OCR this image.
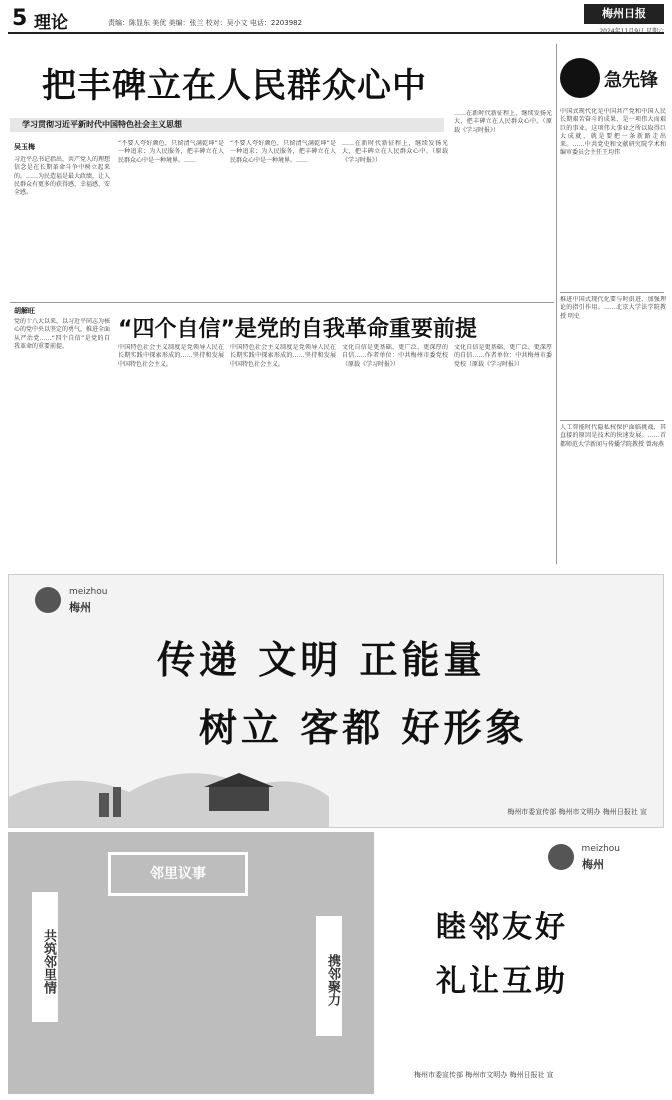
5 理论	责编：陈显东 美优 美编：张兰 校对：吴小文 电话：2203982
梅州日报
2024年11月9日 星期六
把丰碑立在人民群众心中
学习贯彻习近平新时代中国特色社会主义思想
吴玉梅
习近平总书记指出，共产党人的理想信念是在长期革命斗争中树立起来的。……为民造福是最大政绩，让人民群众有更多的获得感、幸福感、安全感。
“不要人夸好颜色，只留清气满乾坤”是一种追求；为人民服务，把丰碑立在人民群众心中是一种境界。……
“不要人夸好颜色，只留清气满乾坤”是一种追求；为人民服务，把丰碑立在人民群众心中是一种境界。……
……在新时代新征程上，继续发扬光大，把丰碑立在人民群众心中。（原载《学习时报》）
……在新时代新征程上，继续发扬光大，把丰碑立在人民群众心中。（原载《学习时报》）
急先锋
中国式现代化是中国共产党和中国人民长期艰苦奋斗的成果，是一项伟大而艰巨的事业。这项伟大事业之所以取得巨大成就，就是要把一条新路走出来。……中共党史和文献研究院学术和编审委员会主任王均伟
推进中国式现代化要与时俱进，加强理论的指引作用。……北京大学法学院教授 明史
人工智能时代隐私权保护面临挑战，其直接的原因是技术的快速发展。……首都师范大学新闻与传播学院教授 曾海燕
“四个自信”是党的自我革命重要前提
胡解旺
党的十八大以来，以习近平同志为核心的党中央以坚定的勇气，推进全面从严治党……“四个自信”是党的自我革命的重要前提。	中国特色社会主义制度是党领导人民在长期实践中探索形成的……坚持和发展中国特色社会主义。
中国特色社会主义制度是党领导人民在长期实践中探索形成的……坚持和发展中国特色社会主义。
文化自信是更基础、更广泛、更深厚的自信……作者单位：中共梅州市委党校（原载《学习时报》）
文化自信是更基础、更广泛、更深厚的自信……作者单位：中共梅州市委党校（原载《学习时报》）
meizhou
梅州
传递 文明 正能量
树立 客都 好形象
梅州市委宣传部 梅州市文明办 梅州日报社 宣
邻里议事
共筑邻里情	携邻聚力
meizhou
梅州
睦邻友好
礼让互助
梅州市委宣传部 梅州市文明办 梅州日报社 宣
